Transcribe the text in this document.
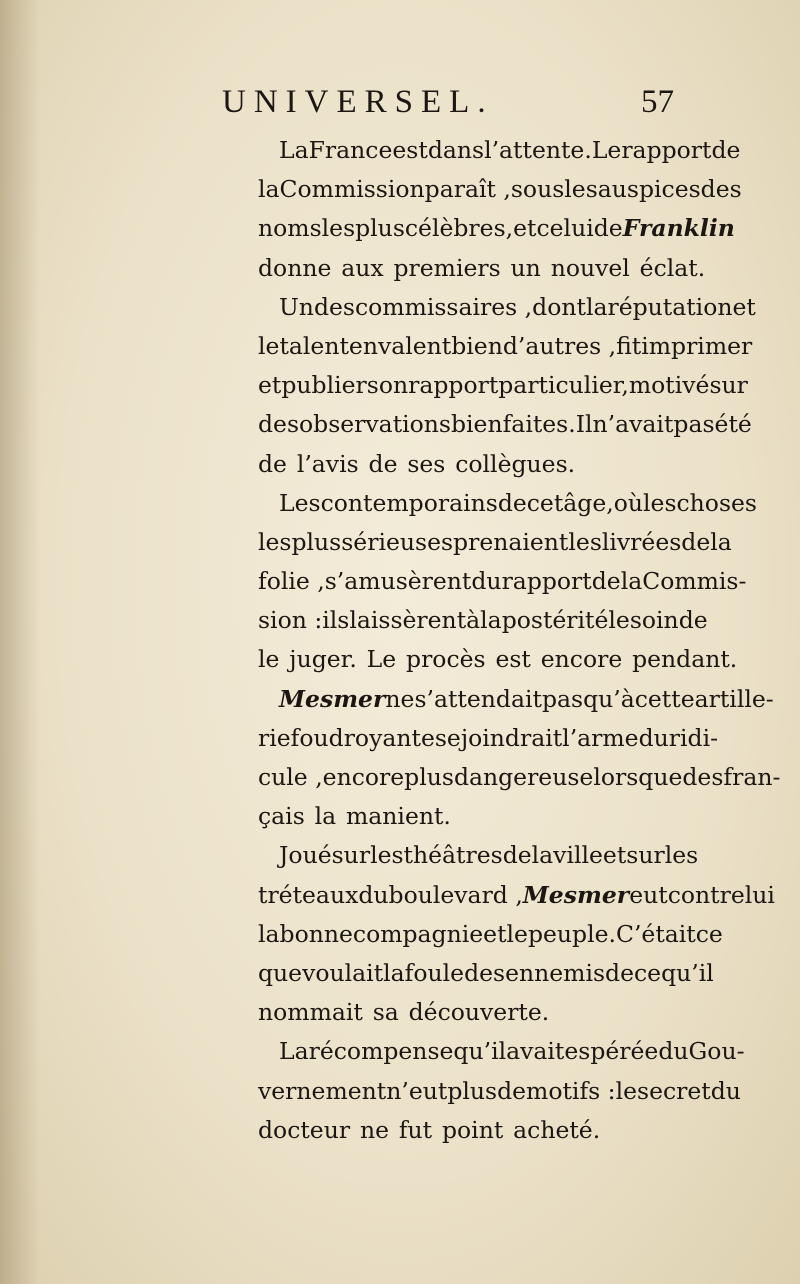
UNIVERSEL.	57
La France est dans l’attente. Le rapport de
la Commission paraît , sous les auspices des
noms les plus célèbres , et celui de Franklin
donne aux premiers un nouvel éclat.
Un des commissaires , dont la réputation et
le talent en valent bien d’autres , fit imprimer
et publier son rapport particulier, motivé sur
des observations bien faites. Il n’avait pas été
de l’avis de ses collègues.
Les contemporains de cet âge, où les choses
les plus sérieuses prenaient les livrées de la
folie , s’amusèrent du rapport de la Commis-
sion : ils laissèrent à la postérité le soin de
le juger. Le procès est encore pendant.
Mesmer ne s’attendait pas qu’à cette artille-
rie foudroyante se joindrait l’arme du ridi-
cule , encore plus dangereuse lorsque des fran-
çais la manient.
Joué sur les théâtres de la ville et sur les
tréteaux du boulevard , Mesmer eut contre lui
la bonne compagnie et le peuple. C’était ce
que voulait la foule des ennemis de ce qu’il
nommait sa découverte.
La récompense qu’il avait espérée du Gou-
vernement n’eut plus de motifs : le secret du
docteur ne fut point acheté.
